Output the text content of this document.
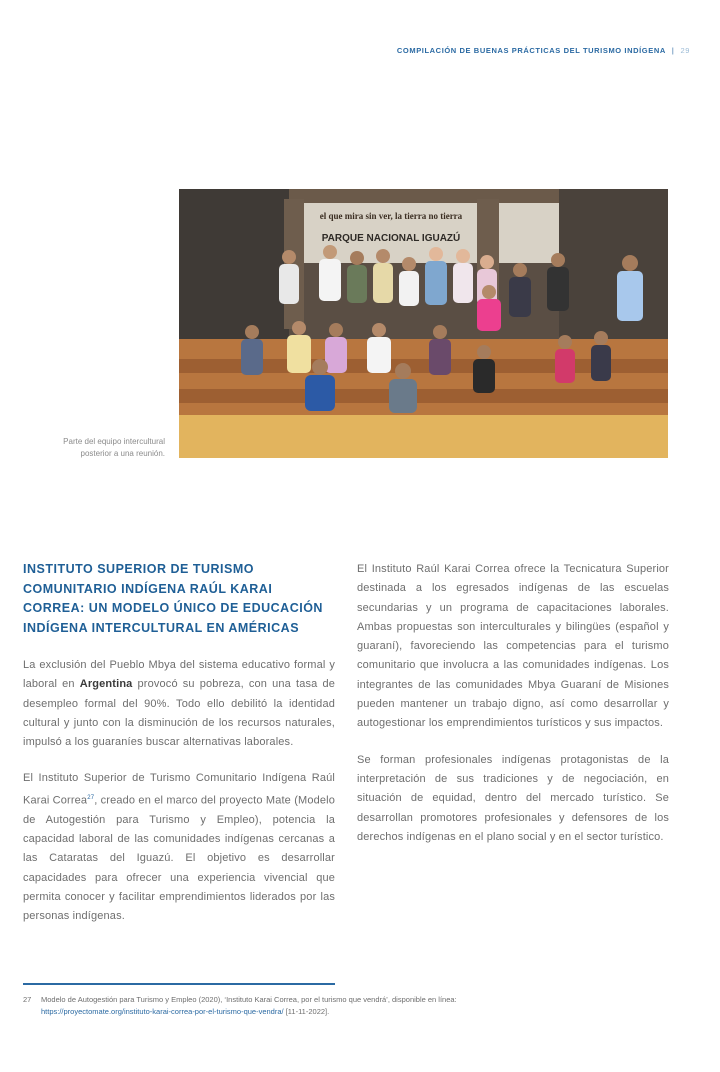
COMPILACIÓN DE BUENAS PRÁCTICAS DEL TURISMO INDÍGENA | 29
el que mira sin ver, la tierra no tierra
PARQUE NACIONAL IGUAZÚ
Parte del equipo intercultural
posterior a una reunión.
INSTITUTO SUPERIOR DE TURISMO COMUNITARIO INDÍGENA RAÚL KARAI CORREA: UN MODELO ÚNICO DE EDUCACIÓN INDÍGENA INTERCULTURAL EN AMÉRICAS

La exclusión del Pueblo Mbya del sistema educativo formal y laboral en Argentina provocó su pobreza, con una tasa de desempleo formal del 90%. Todo ello debilitó la identidad cultural y junto con la disminución de los recursos naturales, impulsó a los guaraníes buscar alternativas laborales.

El Instituto Superior de Turismo Comunitario Indígena Raúl Karai Correa$^{27}$, creado en el marco del proyecto Mate (Modelo de Autogestión para Turismo y Empleo), potencia la capacidad laboral de las comunidades indígenas cercanas a las Cataratas del Iguazú. El objetivo es desarrollar capacidades para ofrecer una experiencia vivencial que permita conocer y facilitar emprendimientos liderados por las personas indígenas.

El Instituto Raúl Karai Correa ofrece la Tecnicatura Superior destinada a los egresados indígenas de las escuelas secundarias y un programa de capacitaciones laborales. Ambas propuestas son interculturales y bilingües (español y guaraní), favoreciendo las competencias para el turismo comunitario que involucra a las comunidades indígenas. Los integrantes de las comunidades Mbya Guaraní de Misiones pueden mantener un trabajo digno, así como desarrollar y autogestionar los emprendimientos turísticos y sus impactos.

Se forman profesionales indígenas protagonistas de la interpretación de sus tradiciones y de negociación, en situación de equidad, dentro del mercado turístico. Se desarrollan promotores profesionales y defensores de los derechos indígenas en el plano social y en el sector turístico.

27	Modelo de Autogestión para Turismo y Empleo (2020), ‘Instituto Karai Correa, por el turismo que vendrá’, disponible en línea:
https://proyectomate.org/instituto-karai-correa-por-el-turismo-que-vendra/ [11-11-2022].
